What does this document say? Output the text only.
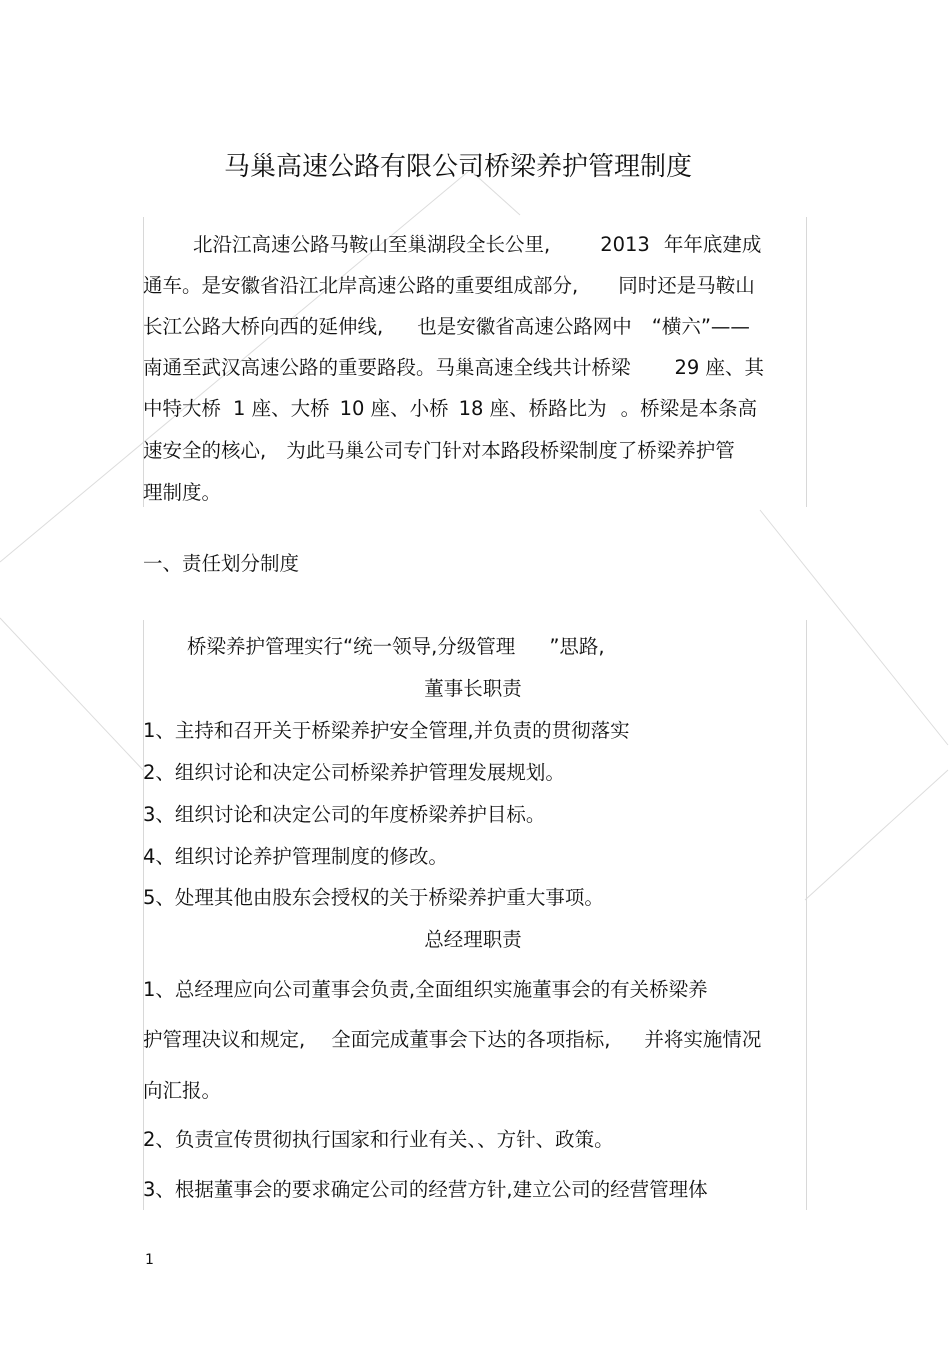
马巢高速公路有限公司桥梁养护管理制度
北沿江高速公路马鞍山至巢湖段全长公里,	2013 年年底建成
通车。是安徽省沿江北岸高速公路的重要组成部分, 同时还是马鞍山
长江公路大桥向西的延伸线, 也是安徽省高速公路网中 “横六”——
南通至武汉高速公路的重要路段。马巢高速全线共计桥梁 29 座、其
中特大桥 1 座、大桥 10 座、小桥 18 座、桥路比为 。桥梁是本条高
速安全的核心, 为此马巢公司专门针对本路段桥梁制度了桥梁养护管
理制度。
一、责任划分制度
桥梁养护管理实行“统一领导,分级管理 ”思路,
董事长职责
1、主持和召开关于桥梁养护安全管理,并负责的贯彻落实
2、组织讨论和决定公司桥梁养护管理发展规划。
3、组织讨论和决定公司的年度桥梁养护目标。
4、组织讨论养护管理制度的修改。
5、处理其他由股东会授权的关于桥梁养护重大事项。
总经理职责
1、总经理应向公司董事会负责,全面组织实施董事会的有关桥梁养
护管理决议和规定, 全面完成董事会下达的各项指标, 并将实施情况
向汇报。
2、负责宣传贯彻执行国家和行业有关、、方针、政策。
3、根据董事会的要求确定公司的经营方针,建立公司的经营管理体
1
